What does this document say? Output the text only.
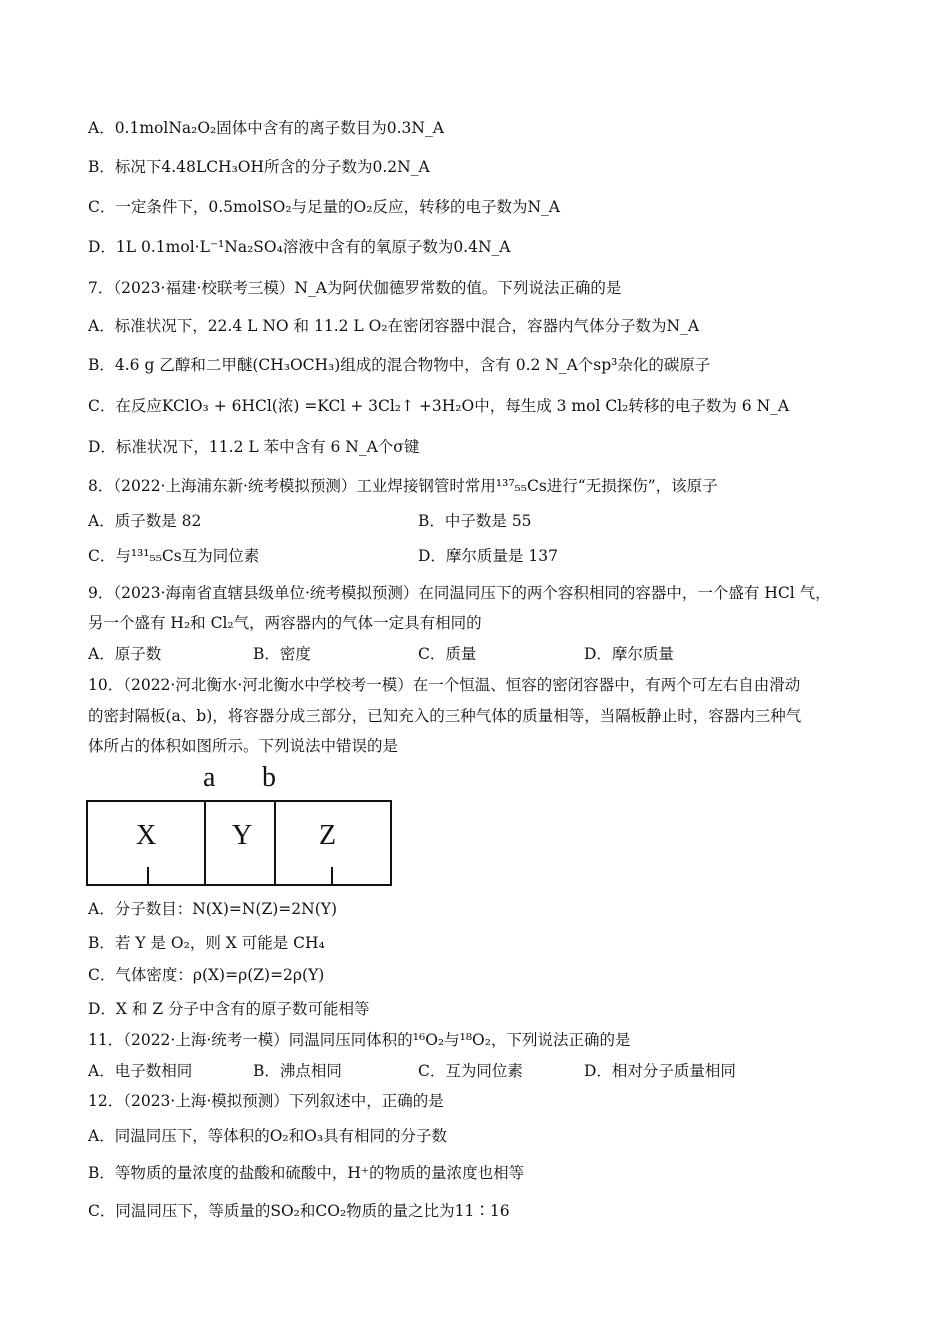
A．0.1molNa₂O₂固体中含有的离子数目为0.3N_A
B．标况下4.48LCH₃OH所含的分子数为0.2N_A
C．一定条件下，0.5molSO₂与足量的O₂反应，转移的电子数为N_A
D．1L 0.1mol·L⁻¹Na₂SO₄溶液中含有的氧原子数为0.4N_A
7．（2023·福建·校联考三模）N_A为阿伏伽德罗常数的值。下列说法正确的是
A．标准状况下，22.4 L NO 和 11.2 L O₂在密闭容器中混合，容器内气体分子数为N_A
B．4.6 g 乙醇和二甲醚(CH₃OCH₃)组成的混合物物中，含有 0.2 N_A个sp³杂化的碳原子
C．在反应KClO₃ + 6HCl(浓) =KCl + 3Cl₂↑ +3H₂O中，每生成 3 mol Cl₂转移的电子数为 6 N_A
D．标准状况下，11.2 L 苯中含有 6 N_A个σ键
8．（2022·上海浦东新·统考模拟预测）工业焊接钢管时常用¹³⁷₅₅Cs进行“无损探伤”，该原子
A．质子数是 82	B．中子数是 55
C．与¹³¹₅₅Cs互为同位素	D．摩尔质量是 137
9．（2023·海南省直辖县级单位·统考模拟预测）在同温同压下的两个容积相同的容器中，一个盛有 HCl 气，
另一个盛有 H₂和 Cl₂气，两容器内的气体一定具有相同的
A．原子数	B．密度	C．质量	D．摩尔质量
10．（2022·河北衡水·河北衡水中学校考一模）在一个恒温、恒容的密闭容器中，有两个可左右自由滑动
的密封隔板(a、b)，将容器分成三部分，已知充入的三种气体的质量相等，当隔板静止时，容器内三种气
体所占的体积如图所示。下列说法中错误的是
a b
X	Y Z
A．分子数目：N(X)=N(Z)=2N(Y)
B．若 Y 是 O₂，则 X 可能是 CH₄
C．气体密度：ρ(X)=ρ(Z)=2ρ(Y)
D．X 和 Z 分子中含有的原子数可能相等
11．（2022·上海·统考一模）同温同压同体积的¹⁶O₂与¹⁸O₂，下列说法正确的是
A．电子数相同	B．沸点相同	C．互为同位素	D．相对分子质量相同
12．（2023·上海·模拟预测）下列叙述中，正确的是
A．同温同压下，等体积的O₂和O₃具有相同的分子数
B．等物质的量浓度的盐酸和硫酸中，H⁺的物质的量浓度也相等
C．同温同压下，等质量的SO₂和CO₂物质的量之比为11∶16
